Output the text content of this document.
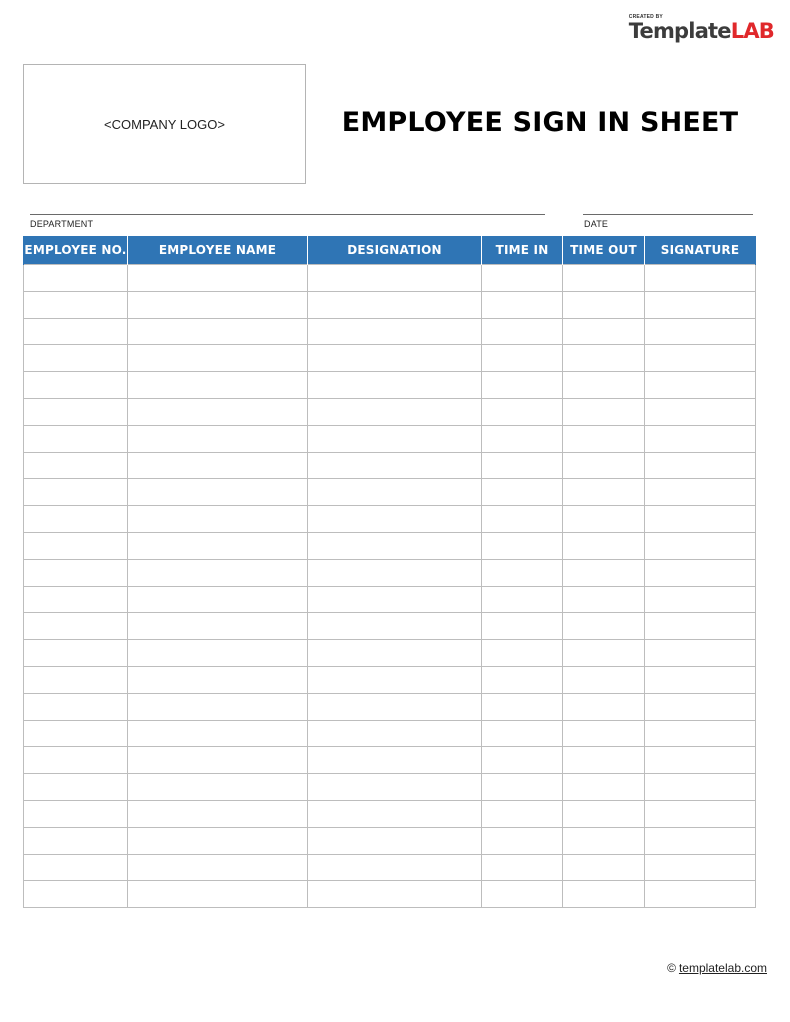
CREATED BY
TemplateLAB
<COMPANY LOGO>	EMPLOYEE SIGN IN SHEET
DEPARTMENT	DATE
EMPLOYEE NO.	EMPLOYEE NAME	DESIGNATION	TIME IN	TIME OUT	SIGNATURE

© templatelab.com
